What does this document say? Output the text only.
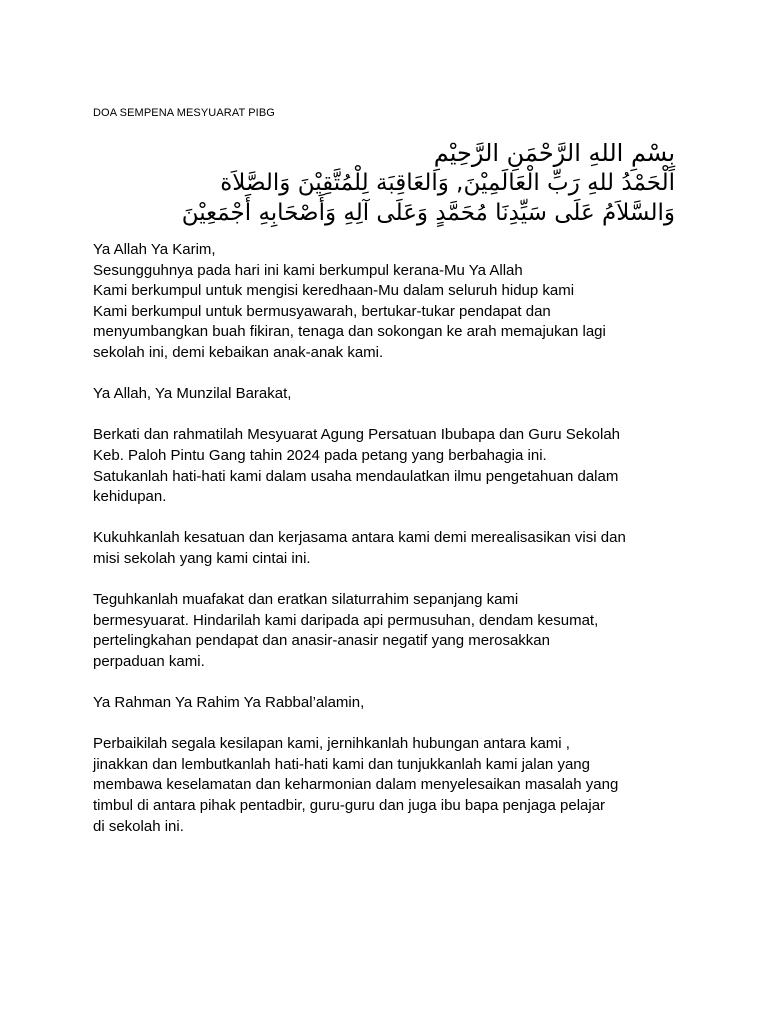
DOA SEMPENA MESYUARAT PIBG
بِسْمِ اللهِ الرَّحْمَنِ الرَّحِيْمِ
اَلْحَمْدُ للهِ رَبِّ الْعَالَمِيْنَ, وَالعَاقِبَة لِلْمُتَّقِيْنَ وَالصَّلاَة
وَالسَّلاَمُ عَلَى سَيِّدِنَا مُحَمَّدٍ وَعَلَى آلِهِ وَأَصْحَابِهِ أَجْمَعِيْنَ
Ya Allah Ya Karim,
Sesungguhnya pada hari ini kami berkumpul kerana-Mu Ya Allah
Kami berkumpul untuk mengisi keredhaan-Mu dalam seluruh hidup kami
Kami berkumpul untuk bermusyawarah, bertukar-tukar pendapat dan
menyumbangkan buah fikiran, tenaga dan sokongan ke arah memajukan lagi
sekolah ini, demi kebaikan anak-anak kami.
Ya Allah, Ya Munzilal Barakat,
Berkati dan rahmatilah Mesyuarat Agung Persatuan Ibubapa dan Guru Sekolah
Keb. Paloh Pintu Gang tahin 2024 pada petang yang berbahagia ini.
Satukanlah hati-hati kami dalam usaha mendaulatkan ilmu pengetahuan dalam
kehidupan.
Kukuhkanlah kesatuan dan kerjasama antara kami demi merealisasikan visi dan
misi sekolah yang kami cintai ini.
Teguhkanlah muafakat dan eratkan silaturrahim sepanjang kami
bermesyuarat. Hindarilah kami daripada api permusuhan, dendam kesumat,
pertelingkahan pendapat dan anasir-anasir negatif yang merosakkan
perpaduan kami.
Ya Rahman Ya Rahim Ya Rabbal’alamin,
Perbaikilah segala kesilapan kami, jernihkanlah hubungan antara kami ,
jinakkan dan lembutkanlah hati-hati kami dan tunjukkanlah kami jalan yang
membawa keselamatan dan keharmonian dalam menyelesaikan masalah yang
timbul di antara pihak pentadbir, guru-guru dan juga ibu bapa penjaga pelajar
di sekolah ini.
